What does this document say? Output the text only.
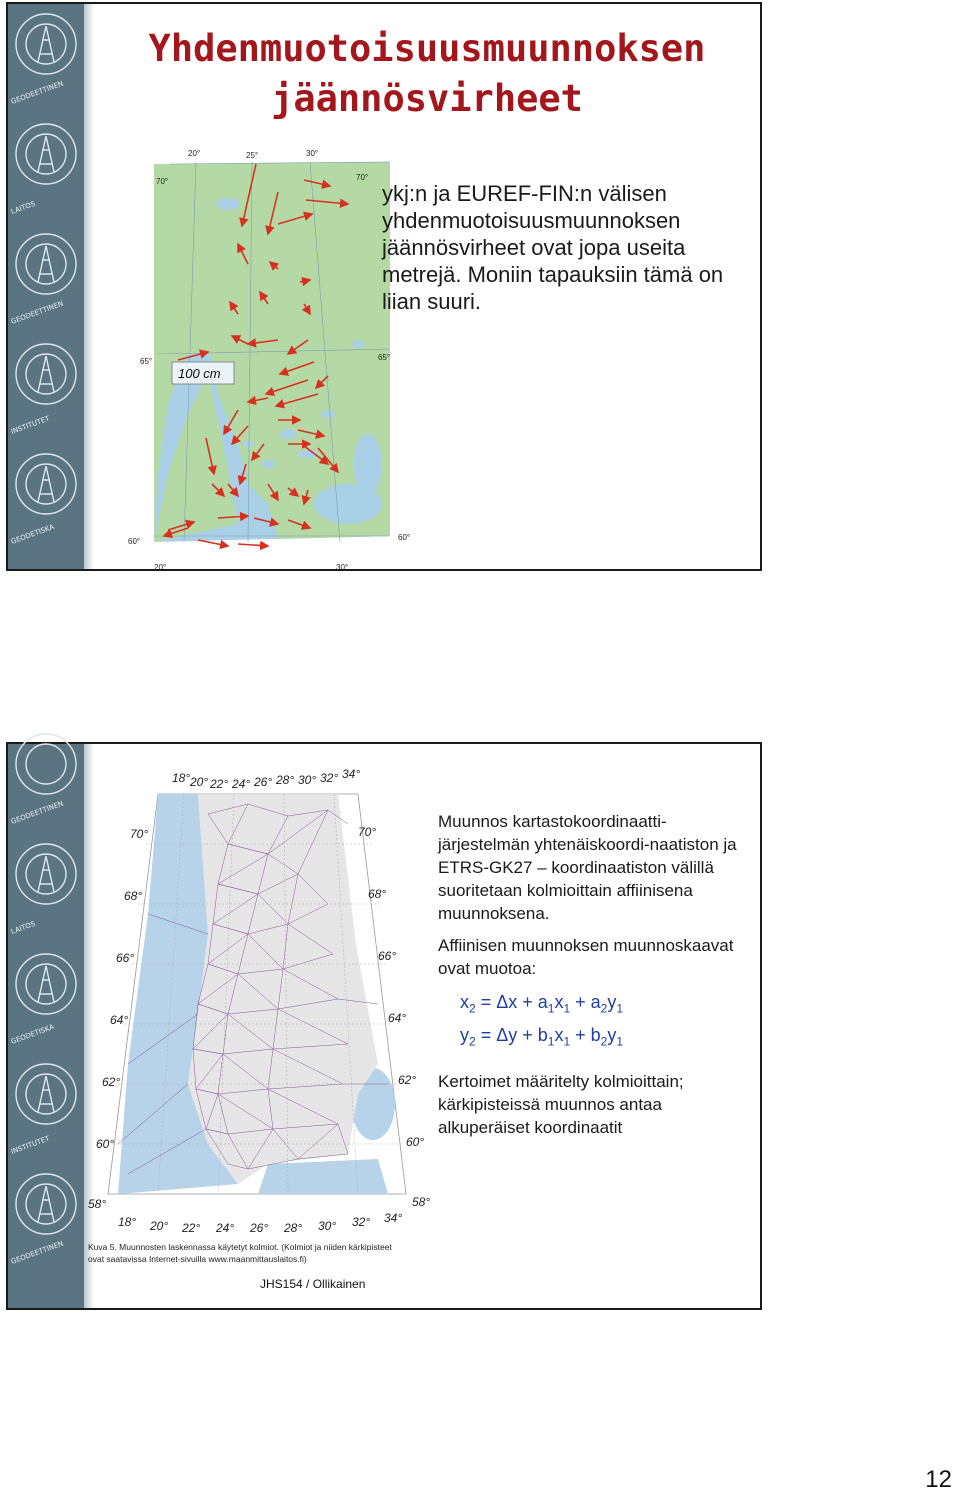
GEODEETTINEN
LAITOS
GEODEETTINEN
INSTITUTET
GEODETISKA
Yhdenmuotoisuusmuunnoksen
jäännösvirheet
100 cm
20°	25°	30°
70°	70°
65°	65°
60°	60°
20°	30°
ykj:n ja EUREF-FIN:n välisen yhdenmuotoisuusmuunnoksen jäännösvirheet ovat jopa useita metrejä. Moniin tapauksiin tämä on liian suuri.
GEODEETTINEN
LAITOS
GEODETISKA
INSTITUTET
GEODEETTINEN
18° 20° 22° 24° 26° 28° 30° 32° 34°
70°
68°
66°
64°
62°
60°
58°
70°
68°
66°
64°
62°
60°
58°
18° 20° 22° 24° 26° 28° 30° 32° 34°
Kuva 5. Muunnosten laskennassa käytetyt kolmiot. (Kolmiot ja niiden kärkipisteet
ovat saatavissa Internet-sivuilla www.maanmittauslaitos.fi)

Muunnos kartastokoordinaatti-järjestelmän yhtenäiskoordi-naatiston ja ETRS-GK27 – koordinaatiston välillä suoritetaan kolmioittain affiinisena muunnoksena.

Affiinisen muunnoksen muunnoskaavat ovat muotoa:

$x_2 = \Delta x + a_1x_1 + a_2y_1$
$y_2 = \Delta y + b_1x_1 + b_2y_1$

Kertoimet määritelty kolmioittain; kärkipisteissä muunnos antaa alkuperäiset koordinaatit

JHS154 / Ollikainen
12
